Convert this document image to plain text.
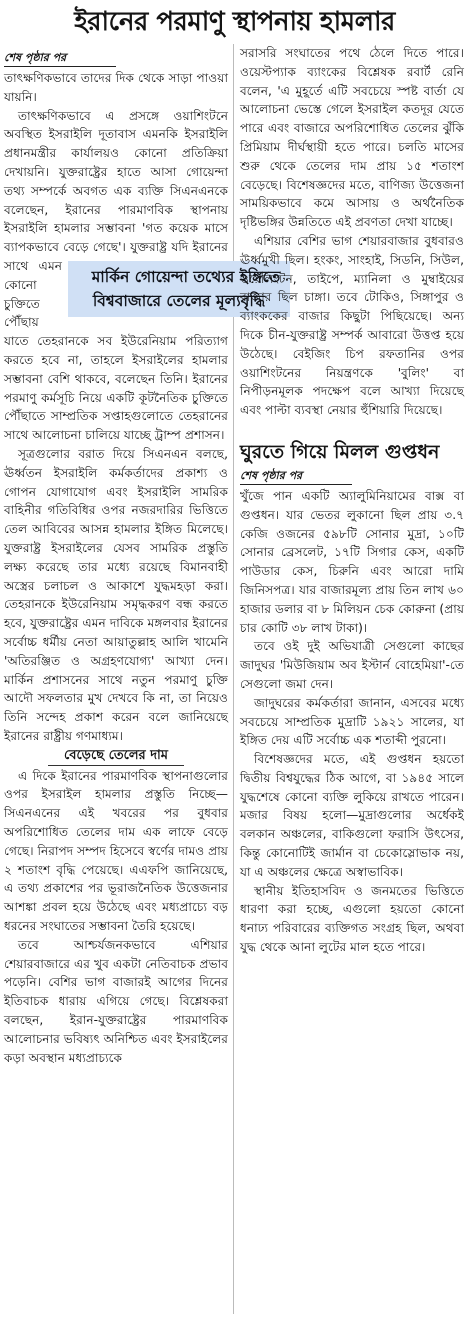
ইরানের পরমাণু স্থাপনায় হামলার
শেষ পৃষ্ঠার পর

তাৎক্ষণিকভাবে তাদের দিক থেকে সাড়া পাওয়া যায়নি।

তাৎক্ষণিকভাবে এ প্রসঙ্গে ওয়াশিংটনে অবস্থিত ইসরাইলি দূতাবাস এমনকি ইসরাইলি প্রধানমন্ত্রীর কার্যালয়ও কোনো প্রতিক্রিয়া দেখায়নি। যুক্তরাষ্ট্রের হাতে আসা গোয়েন্দা তথ্য সম্পর্কে অবগত এক ব্যক্তি সিএনএনকে বলেছেন, ইরানের পারমাণবিক স্থাপনায় ইসরাইলি হামলার সম্ভাবনা 'গত কয়েক মাসে ব্যাপকভাবে বেড়ে গেছে'।
মার্কিন গোয়েন্দা তথ্যের ইঙ্গিতে বিশ্ববাজারে তেলের মূল্যবৃদ্ধি
যুক্তরাষ্ট্র যদি ইরানের সাথে এমন কোনো চুক্তিতে পৌঁছায় যাতে তেহরানকে সব ইউরেনিয়াম পরিত্যাগ করতে হবে না, তাহলে ইসরাইলের হামলার সম্ভাবনা বেশি থাকবে, বলেছেন তিনি। ইরানের পরমাণু কর্মসূচি নিয়ে একটি কূটনৈতিক চুক্তিতে পৌঁছাতে সাম্প্রতিক সপ্তাহগুলোতে তেহরানের সাথে আলোচনা চালিয়ে যাচ্ছে ট্রাম্প প্রশাসন।

সূত্রগুলোর বরাত দিয়ে সিএনএন বলছে, ঊর্ধ্বতন ইসরাইলি কর্মকর্তাদের প্রকাশ্য ও গোপন যোগাযোগ এবং ইসরাইলি সামরিক বাহিনীর গতিবিধির ওপর নজরদারির ভিত্তিতে তেল আবিবের আসন্ন হামলার ইঙ্গিত মিলেছে। যুক্তরাষ্ট্র ইসরাইলের যেসব সামরিক প্রস্তুতি লক্ষ্য করেছে তার মধ্যে রয়েছে বিমানবাহী অস্ত্রের চলাচল ও আকাশে যুদ্ধমহড়া করা। তেহরানকে ইউরেনিয়াম সমৃদ্ধকরণ বন্ধ করতে হবে, যুক্তরাষ্ট্রের এমন দাবিকে মঙ্গলবার ইরানের সর্বোচ্চ ধর্মীয় নেতা আয়াতুল্লাহ আলি খামেনি 'অতিরঞ্জিত ও অগ্রহণযোগ্য' আখ্যা দেন। মার্কিন প্রশাসনের সাথে নতুন পরমাণু চুক্তি আদৌ সফলতার মুখ দেখবে কি না, তা নিয়েও তিনি সন্দেহ প্রকাশ করেন বলে জানিয়েছে ইরানের রাষ্ট্রীয় গণমাধ্যম।

বেড়েছে তেলের দাম

এ দিকে ইরানের পারমাণবিক স্থাপনাগুলোর ওপর ইসরাইল হামলার প্রস্তুতি নিচ্ছে—সিএনএনের এই খবরের পর বুধবার অপরিশোধিত তেলের দাম এক লাফে বেড়ে গেছে। নিরাপদ সম্পদ হিসেবে স্বর্ণের দামও প্রায় ২ শতাংশ বৃদ্ধি পেয়েছে। এএফপি জানিয়েছে, এ তথ্য প্রকাশের পর ভূরাজনৈতিক উত্তেজনার আশঙ্কা প্রবল হয়ে উঠেছে এবং মধ্যপ্রাচ্যে বড় ধরনের সংঘাতের সম্ভাবনা তৈরি হয়েছে।

তবে আশ্চর্যজনকভাবে এশিয়ার শেয়ারবাজারে এর খুব একটা নেতিবাচক প্রভাব পড়েনি। বেশির ভাগ বাজারই আগের দিনের ইতিবাচক ধারায় এগিয়ে গেছে। বিশ্লেষকরা বলছেন, ইরান-যুক্তরাষ্ট্রের পারমাণবিক আলোচনার ভবিষ্যৎ অনিশ্চিত এবং ইসরাইলের কড়া অবস্থান মধ্যপ্রাচ্যকে

সরাসরি সংঘাতের পথে ঠেলে দিতে পারে। ওয়েস্টপ্যাক ব্যাংকের বিশ্লেষক রবার্ট রেনি বলেন, 'এ মুহূর্তে এটি সবচেয়ে স্পষ্ট বার্তা যে আলোচনা ভেস্তে গেলে ইসরাইল কতদূর যেতে পারে এবং বাজারে অপরিশোধিত তেলের ঝুঁকি প্রিমিয়াম দীর্ঘস্থায়ী হতে পারে। চলতি মাসের শুরু থেকে তেলের দাম প্রায় ১৫ শতাংশ বেড়েছে। বিশেষজ্ঞদের মতে, বাণিজ্য উত্তেজনা সাময়িকভাবে কমে আসায় ও অর্থনৈতিক দৃষ্টিভঙ্গির উন্নতিতে এই প্রবণতা দেখা যাচ্ছে।

এশিয়ার বেশির ভাগ শেয়ারবাজার বুধবারও ঊর্ধ্বমুখী ছিল। হংকং, সাংহাই, সিডনি, সিউল, ওয়েলিংটন, তাইপে, ম্যানিলা ও মুম্বাইয়ের বাজার ছিল চাঙ্গা। তবে টোকিও, সিঙ্গাপুর ও ব্যাংককের বাজার কিছুটা পিছিয়েছে। অন্য দিকে চীন-যুক্তরাষ্ট্র সম্পর্ক আবারো উত্তপ্ত হয়ে উঠেছে। বেইজিং চিপ রফতানির ওপর ওয়াশিংটনের নিয়ন্ত্রণকে 'বুলিং' বা নিপীড়নমূলক পদক্ষেপ বলে আখ্যা দিয়েছে এবং পাল্টা ব্যবস্থা নেয়ার হুঁশিয়ারি দিয়েছে।

ঘুরতে গিয়ে মিলল গুপ্তধন
শেষ পৃষ্ঠার পর

খুঁজে পান একটি অ্যালুমিনিয়ামের বাক্স বা গুপ্তধন। যার ভেতর লুকানো ছিল প্রায় ৩.৭ কেজি ওজনের ৫৯৮টি সোনার মুদ্রা, ১০টি সোনার ব্রেসলেট, ১৭টি সিগার কেস, একটি পাউডার কেস, চিরুনি এবং আরো দামি জিনিসপত্র। যার বাজারমূল্য প্রায় তিন লাখ ৬০ হাজার ডলার বা ৮ মিলিয়ন চেক কোরুনা (প্রায় চার কোটি ৩৮ লাখ টাকা)।

তবে ওই দুই অভিযাত্রী সেগুলো কাছের জাদুঘর 'মিউজিয়াম অব ইস্টার্ন বোহেমিয়া'-তে সেগুলো জমা দেন।

জাদুঘরের কর্মকর্তারা জানান, এসবের মধ্যে সবচেয়ে সাম্প্রতিক মুদ্রাটি ১৯২১ সালের, যা ইঙ্গিত দেয় এটি সর্বোচ্চ এক শতাব্দী পুরনো।

বিশেষজ্ঞদের মতে, এই গুপ্তধন হয়তো দ্বিতীয় বিশ্বযুদ্ধের ঠিক আগে, বা ১৯৪৫ সালে যুদ্ধশেষে কোনো ব্যক্তি লুকিয়ে রাখতে পারেন। মজার বিষয় হলো—মুদ্রাগুলোর অর্ধেকই বলকান অঞ্চলের, বাকিগুলো ফরাসি উৎসের, কিন্তু কোনোটিই জার্মান বা চেকোস্লোভাক নয়, যা এ অঞ্চলের ক্ষেত্রে অস্বাভাবিক।

স্থানীয় ইতিহাসবিদ ও জনমতের ভিত্তিতে ধারণা করা হচ্ছে, এগুলো হয়তো কোনো ধনাঢ্য পরিবারের ব্যক্তিগত সংগ্রহ ছিল, অথবা যুদ্ধ থেকে আনা লুটের মাল হতে পারে।
